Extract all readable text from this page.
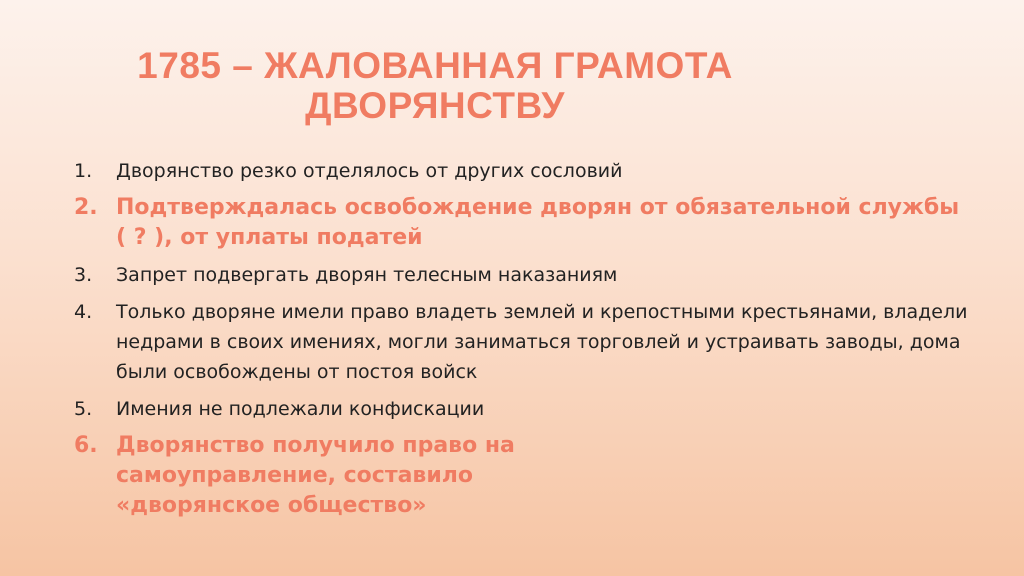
1785 – ЖАЛОВАННАЯ ГРАМОТА
ДВОРЯНСТВУ
1.	Дворянство резко отделялось от других сословий
2. Подтверждалась освобождение дворян от обязательной службы ( ? ), от уплаты податей
3.	Запрет подвергать дворян телесным наказаниям
4.	Только дворяне имели право владеть землей и крепостными крестьянами, владели недрами в своих имениях, могли заниматься торговлей и устраивать заводы, дома были освобождены от постоя войск
5.	Имения не подлежали конфискации
6. Дворянство получило право на самоуправление, составило «дворянское общество»
